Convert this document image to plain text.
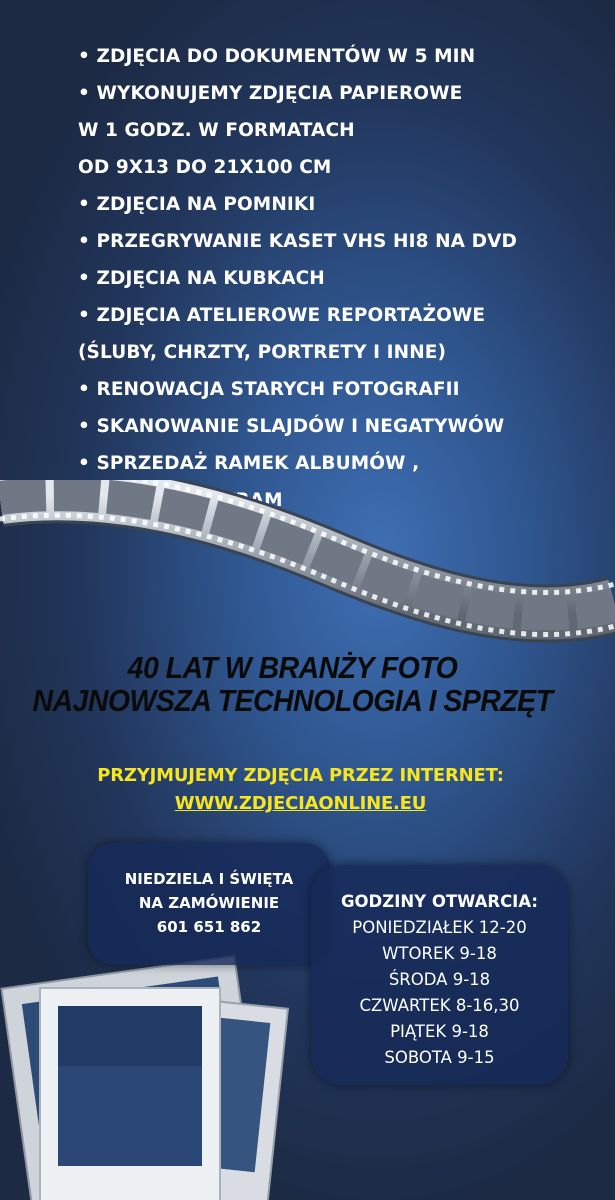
• ZDJĘCIA DO DOKUMENTÓW W 5 MIN
• WYKONUJEMY ZDJĘCIA PAPIEROWE
W 1 GODZ. W FORMATACH
OD 9X13 DO 21X100 CM
• ZDJĘCIA NA POMNIKI
• PRZEGRYWANIE KASET VHS HI8 NA DVD
• ZDJĘCIA NA KUBKACH
• ZDJĘCIA ATELIEROWE REPORTAŻOWE
(ŚLUBY, CHRZTY, PORTRETY I INNE)
• RENOWACJA STARYCH FOTOGRAFII
• SKANOWANIE SLAJDÓW I NEGATYWÓW
• SPRZEDAŻ RAMEK ALBUMÓW ,
BATERII , ANTYRAM
40 LAT W BRANŻY FOTO
NAJNOWSZA TECHNOLOGIA I SPRZĘT
PRZYJMUJEMY ZDJĘCIA PRZEZ INTERNET:
WWW.ZDJECIAONLINE.EU
NIEDZIELA I ŚWIĘTA
NA ZAMÓWIENIE
601 651 862
GODZINY OTWARCIA:
PONIEDZIAŁEK 12-20
WTOREK 9-18
ŚRODA 9-18
CZWARTEK 8-16,30
PIĄTEK 9-18
SOBOTA 9-15
